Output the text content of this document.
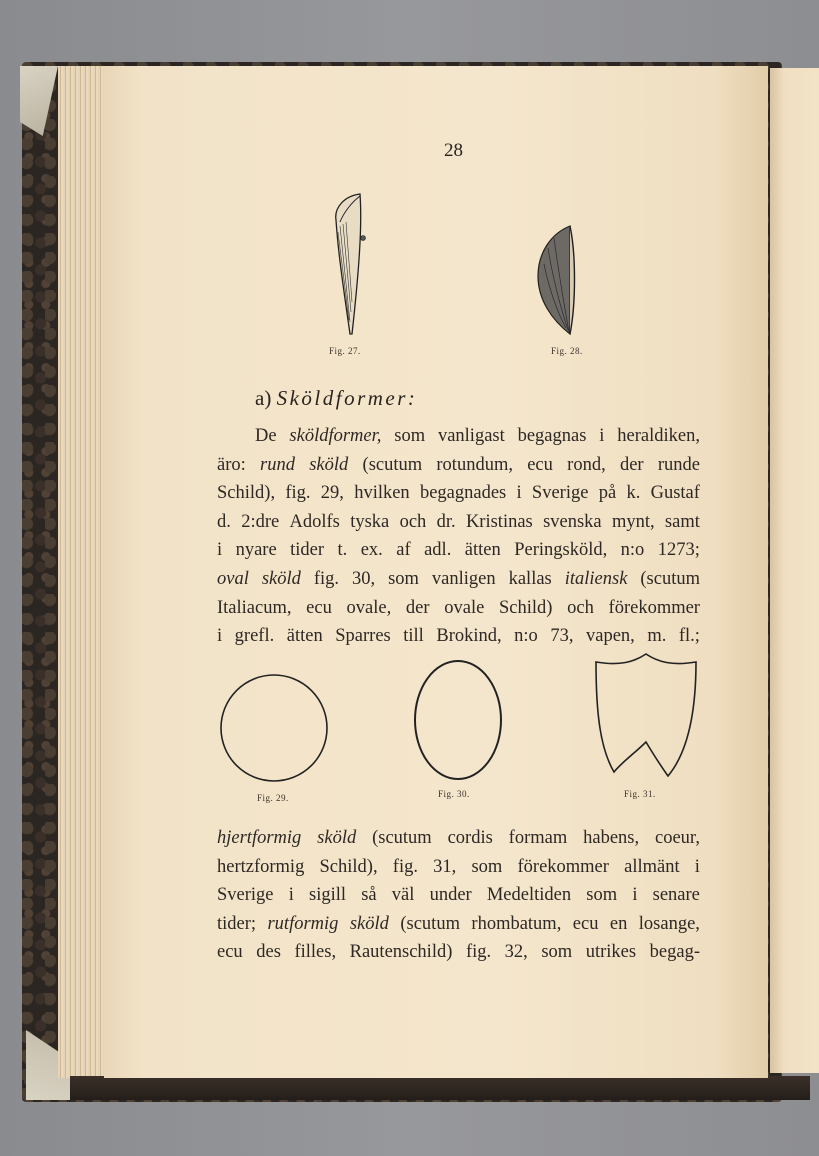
28
Fig. 27.	Fig. 28.
a) Sköldformer:
De sköldformer, som vanligast begagnas i heraldiken,
äro: rund sköld (scutum rotundum, ecu rond, der runde
Schild), fig. 29, hvilken begagnades i Sverige på k. Gustaf
d. 2:dre Adolfs tyska och dr. Kristinas svenska mynt, samt
i nyare tider t. ex. af adl. ätten Peringsköld, n:o 1273;
oval sköld fig. 30, som vanligen kallas italiensk (scutum
Italiacum, ecu ovale, der ovale Schild) och förekommer
i grefl. ätten Sparres till Brokind, n:o 73, vapen, m. fl.;
Fig. 29.	Fig. 30.	Fig. 31.
hjertformig sköld (scutum cordis formam habens, coeur,
hertzformig Schild), fig. 31, som förekommer allmänt i
Sverige i sigill så väl under Medeltiden som i senare
tider; rutformig sköld (scutum rhombatum, ecu en losange,
ecu des filles, Rautenschild) fig. 32, som utrikes begag-
